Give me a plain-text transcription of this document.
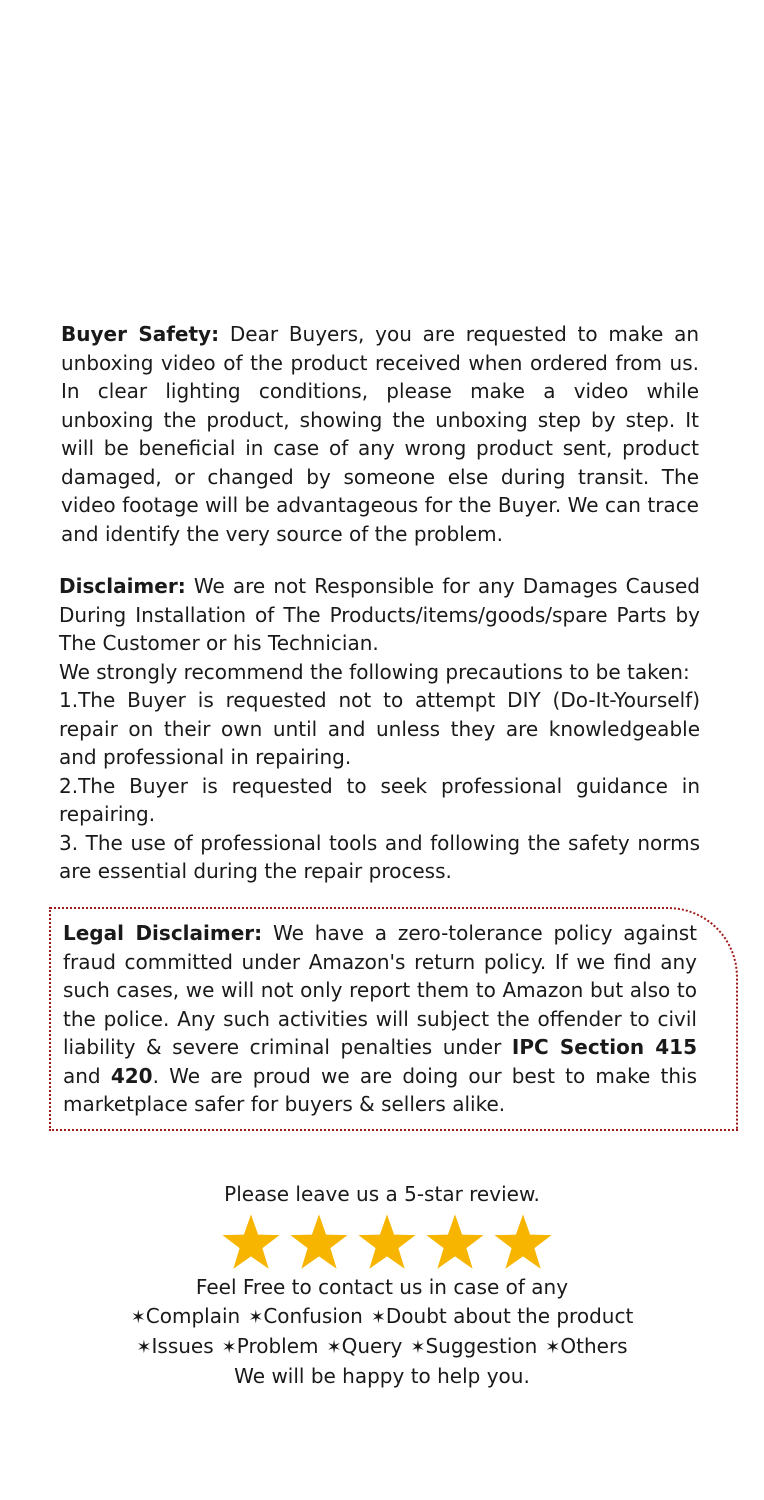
Buyer Safety: Dear Buyers, you are requested to make an unboxing video of the product received when ordered from us. In clear lighting conditions, please make a video while unboxing the product, showing the unboxing step by step. It will be beneficial in case of any wrong product sent, product damaged, or changed by someone else during transit. The video footage will be advantageous for the Buyer. We can trace and identify the very source of the problem.

Disclaimer: We are not Responsible for any Damages Caused During Installation of The Products/items/goods/spare Parts by The Customer or his Technician.

We strongly recommend the following precautions to be taken:

1.The Buyer is requested not to attempt DIY (Do-It-Yourself) repair on their own until and unless they are knowledgeable and professional in repairing.

2.The Buyer is requested to seek professional guidance in repairing.

3. The use of professional tools and following the safety norms are essential during the repair process.

Legal Disclaimer: We have a zero-tolerance policy against fraud committed under Amazon's return policy. If we find any such cases, we will not only report them to Amazon but also to the police. Any such activities will subject the offender to civil liability & severe criminal penalties under IPC Section 415 and 420. We are proud we are doing our best to make this marketplace safer for buyers & sellers alike.
Please leave us a 5-star review.
Feel Free to contact us in case of any
✶Complain ✶Confusion ✶Doubt about the product
✶Issues ✶Problem ✶Query ✶Suggestion ✶Others
We will be happy to help you.
